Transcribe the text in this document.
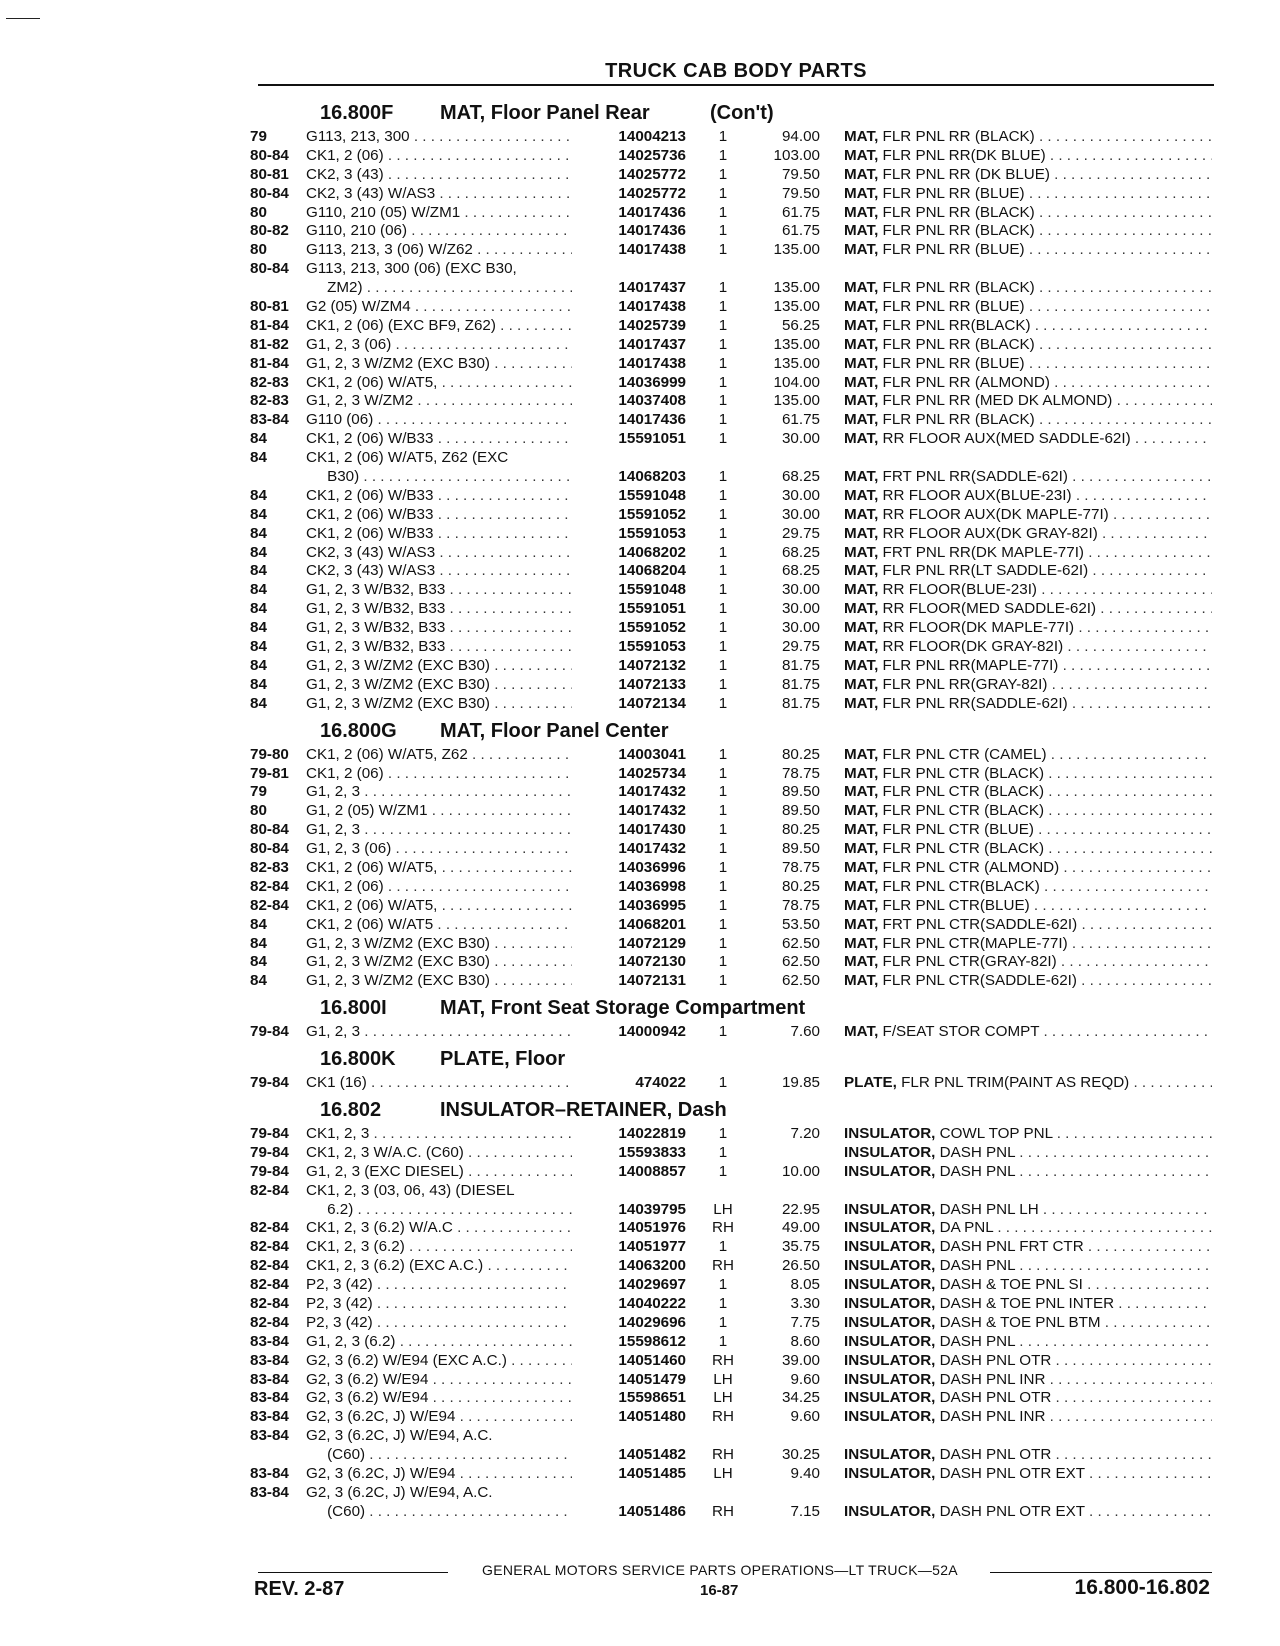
TRUCK CAB BODY PARTS
16.800F MAT, Floor Panel Rear	(Con't)
79	G113, 213, 300 . . .	14004213	1	94.00 MAT, FLR PNL RR (BLACK) . . .
80-84	CK1, 2 (06) . . .	14025736	1	103.00 MAT, FLR PNL RR(DK BLUE) . . .
80-81	CK2, 3 (43) . . .	14025772	1	79.50 MAT, FLR PNL RR (DK BLUE) . . .
80-84	CK2, 3 (43) W/AS3 . . .	14025772	1	79.50 MAT, FLR PNL RR (BLUE) . . .
80	G110, 210 (05) W/ZM1 . . .	14017436	1	61.75 MAT, FLR PNL RR (BLACK) . . .
80-82	G110, 210 (06) . . .	14017436	1	61.75 MAT, FLR PNL RR (BLACK) . . .
80	G113, 213, 3 (06) W/Z62 . . .	14017438	1	135.00 MAT, FLR PNL RR (BLUE) . . .
80-84	G113, 213, 300 (06) (EXC B30,
ZM2) . . .	14017437	1	135.00 MAT, FLR PNL RR (BLACK) . . .
80-81	G2 (05) W/ZM4 . . .	14017438	1	135.00 MAT, FLR PNL RR (BLUE) . . .
81-84	CK1, 2 (06) (EXC BF9, Z62) . . .	14025739	1	56.25 MAT, FLR PNL RR(BLACK) . . .
81-82	G1, 2, 3 (06) . . .	14017437	1	135.00 MAT, FLR PNL RR (BLACK) . . .
81-84	G1, 2, 3 W/ZM2 (EXC B30) . . .	14017438	1	135.00 MAT, FLR PNL RR (BLUE) . . .
82-83	CK1, 2 (06) W/AT5, . . .	14036999	1	104.00 MAT, FLR PNL RR (ALMOND) . . .
82-83	G1, 2, 3 W/ZM2 . . .	14037408	1	135.00 MAT, FLR PNL RR (MED DK ALMOND) . . .
83-84	G110 (06) . . .	14017436	1	61.75 MAT, FLR PNL RR (BLACK) . . .
84	CK1, 2 (06) W/B33 . . .	15591051	1	30.00 MAT, RR FLOOR AUX(MED SADDLE-62I) . . .
84	CK1, 2 (06) W/AT5, Z62 (EXC
B30) . . .	14068203	1	68.25 MAT, FRT PNL RR(SADDLE-62I) . . .
84	CK1, 2 (06) W/B33 . . .	15591048	1	30.00 MAT, RR FLOOR AUX(BLUE-23I) . . .
84	CK1, 2 (06) W/B33 . . .	15591052	1	30.00 MAT, RR FLOOR AUX(DK MAPLE-77I) . . .
84	CK1, 2 (06) W/B33 . . .	15591053	1	29.75 MAT, RR FLOOR AUX(DK GRAY-82I) . . .
84	CK2, 3 (43) W/AS3 . . .	14068202	1	68.25 MAT, FRT PNL RR(DK MAPLE-77I) . . .
84	CK2, 3 (43) W/AS3 . . .	14068204	1	68.25 MAT, FLR PNL RR(LT SADDLE-62I) . . .
84	G1, 2, 3 W/B32, B33 . . .	15591048	1	30.00 MAT, RR FLOOR(BLUE-23I) . . .
84	G1, 2, 3 W/B32, B33 . . .	15591051	1	30.00 MAT, RR FLOOR(MED SADDLE-62I) . . .
84	G1, 2, 3 W/B32, B33 . . .	15591052	1	30.00 MAT, RR FLOOR(DK MAPLE-77I) . . .
84	G1, 2, 3 W/B32, B33 . . .	15591053	1	29.75 MAT, RR FLOOR(DK GRAY-82I) . . .
84	G1, 2, 3 W/ZM2 (EXC B30) . . .	14072132	1	81.75 MAT, FLR PNL RR(MAPLE-77I) . . .
84	G1, 2, 3 W/ZM2 (EXC B30) . . .	14072133	1	81.75 MAT, FLR PNL RR(GRAY-82I) . . .
84	G1, 2, 3 W/ZM2 (EXC B30) . . .	14072134	1	81.75 MAT, FLR PNL RR(SADDLE-62I) . . .
16.800G MAT, Floor Panel Center
79-80	CK1, 2 (06) W/AT5, Z62 . . .	14003041	1	80.25 MAT, FLR PNL CTR (CAMEL) . . .
79-81	CK1, 2 (06) . . .	14025734	1	78.75 MAT, FLR PNL CTR (BLACK) . . .
79	G1, 2, 3 . . .	14017432	1	89.50 MAT, FLR PNL CTR (BLACK) . . .
80	G1, 2 (05) W/ZM1 . . .	14017432	1	89.50 MAT, FLR PNL CTR (BLACK) . . .
80-84	G1, 2, 3 . . .	14017430	1	80.25 MAT, FLR PNL CTR (BLUE) . . .
80-84	G1, 2, 3 (06) . . .	14017432	1	89.50 MAT, FLR PNL CTR (BLACK) . . .
82-83	CK1, 2 (06) W/AT5, . . .	14036996	1	78.75 MAT, FLR PNL CTR (ALMOND) . . .
82-84	CK1, 2 (06) . . .	14036998	1	80.25 MAT, FLR PNL CTR(BLACK) . . .
82-84	CK1, 2 (06) W/AT5, . . .	14036995	1	78.75 MAT, FLR PNL CTR(BLUE) . . .
84	CK1, 2 (06) W/AT5 . . .	14068201	1	53.50 MAT, FRT PNL CTR(SADDLE-62I) . . .
84	G1, 2, 3 W/ZM2 (EXC B30) . . .	14072129	1	62.50 MAT, FLR PNL CTR(MAPLE-77I) . . .
84	G1, 2, 3 W/ZM2 (EXC B30) . . .	14072130	1	62.50 MAT, FLR PNL CTR(GRAY-82I) . . .
84	G1, 2, 3 W/ZM2 (EXC B30) . . .	14072131	1	62.50 MAT, FLR PNL CTR(SADDLE-62I) . . .
16.800I	MAT, Front Seat Storage Compartment
79-84	G1, 2, 3 . . .	14000942	1	7.60 MAT, F/SEAT STOR COMPT . . .
16.800K PLATE, Floor
79-84	CK1 (16) . . .	474022	1	19.85 PLATE, FLR PNL TRIM(PAINT AS REQD) . . .
16.802	INSULATOR–RETAINER, Dash
79-84	CK1, 2, 3 . . .	14022819	1	7.20 INSULATOR, COWL TOP PNL . . .
79-84	CK1, 2, 3 W/A.C. (C60) . . .	15593833	1	INSULATOR, DASH PNL . . .
79-84	G1, 2, 3 (EXC DIESEL) . . .	14008857	1	10.00 INSULATOR, DASH PNL . . .
82-84	CK1, 2, 3 (03, 06, 43) (DIESEL
6.2) . . .	14039795	LH	22.95 INSULATOR, DASH PNL LH . . .
82-84	CK1, 2, 3 (6.2) W/A.C . . .	14051976	RH	49.00 INSULATOR, DA PNL . . .
82-84	CK1, 2, 3 (6.2) . . .	14051977	1	35.75 INSULATOR, DASH PNL FRT CTR . . .
82-84	CK1, 2, 3 (6.2) (EXC A.C.) . . .	14063200	RH	26.50 INSULATOR, DASH PNL . . .
82-84	P2, 3 (42) . . .	14029697	1	8.05 INSULATOR, DASH & TOE PNL SI . . .
82-84	P2, 3 (42) . . .	14040222	1	3.30 INSULATOR, DASH & TOE PNL INTER . . .
82-84	P2, 3 (42) . . .	14029696	1	7.75 INSULATOR, DASH & TOE PNL BTM . . .
83-84	G1, 2, 3 (6.2) . . .	15598612	1	8.60 INSULATOR, DASH PNL . . .
83-84	G2, 3 (6.2) W/E94 (EXC A.C.) . . .	14051460	RH	39.00 INSULATOR, DASH PNL OTR . . .
83-84	G2, 3 (6.2) W/E94 . . .	14051479	LH	9.60 INSULATOR, DASH PNL INR . . .
83-84	G2, 3 (6.2) W/E94 . . .	15598651	LH	34.25 INSULATOR, DASH PNL OTR . . .
83-84	G2, 3 (6.2C, J) W/E94 . . .	14051480	RH	9.60 INSULATOR, DASH PNL INR . . .
83-84	G2, 3 (6.2C, J) W/E94, A.C.
(C60) . . .	14051482	RH	30.25 INSULATOR, DASH PNL OTR . . .
83-84	G2, 3 (6.2C, J) W/E94 . . .	14051485	LH	9.40 INSULATOR, DASH PNL OTR EXT . . .
83-84	G2, 3 (6.2C, J) W/E94, A.C.
(C60) . . .	14051486	RH	7.15 INSULATOR, DASH PNL OTR EXT . . .
GENERAL MOTORS SERVICE PARTS OPERATIONS—LT TRUCK—52A
REV. 2-87	16-87	16.800-16.802
